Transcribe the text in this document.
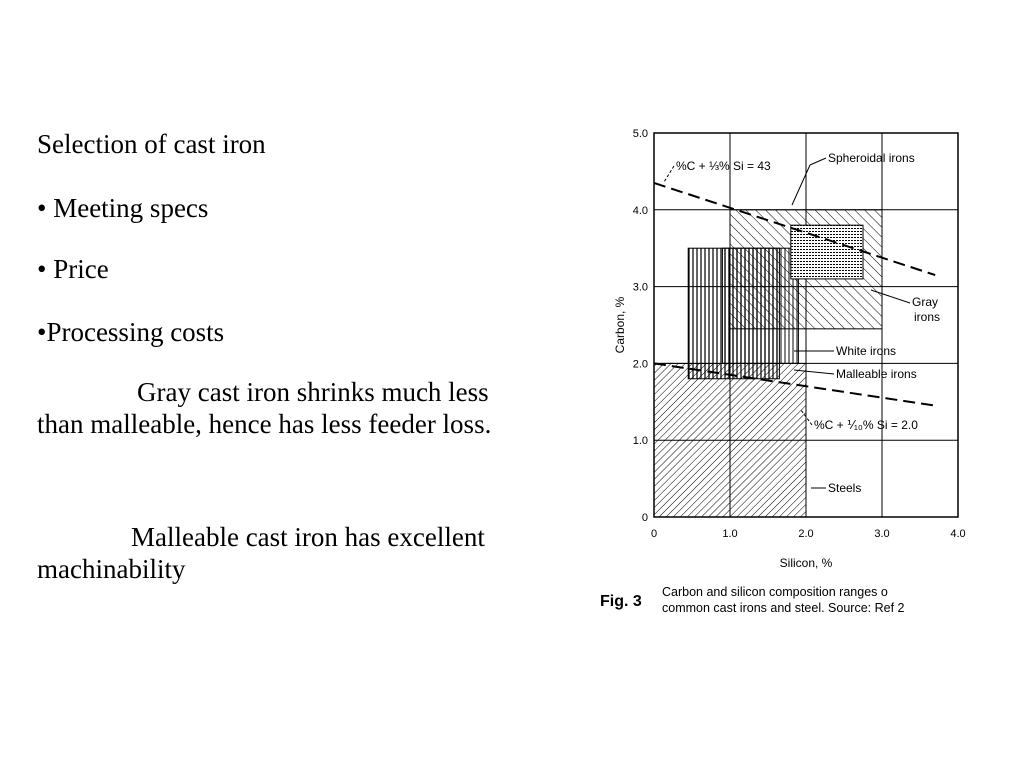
Selection of cast iron
• Meeting specs
• Price
•Processing costs
Gray cast iron shrinks much less than malleable, hence has less feeder loss.
Malleable cast iron has excellent machinability
0	1.0	2.0	3.0	4.0
0
1.0
2.0
3.0
4.0
5.0
Silicon, %
Carbon, %
Spheroidal irons
%C + ⅓% Si = 43
Gray
irons
White irons
Malleable irons
%C + ⅟₁₀% Si = 2.0
Steels
Fig. 3
Carbon and silicon composition ranges o
common cast irons and steel. Source: Ref 2
